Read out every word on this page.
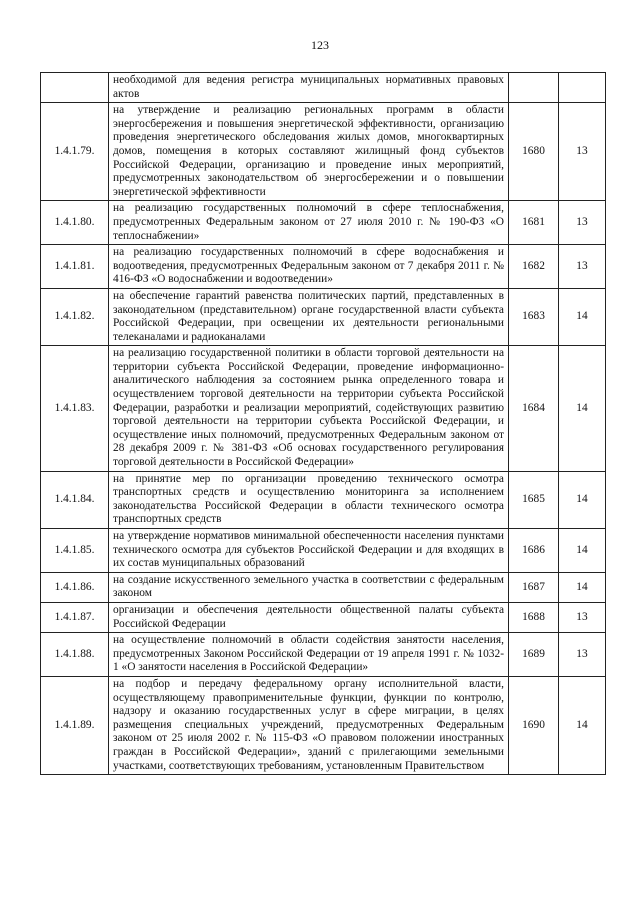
123
	необходимой для ведения регистра муниципальных нормативных правовых актов		
1.4.1.79.	на утверждение и реализацию региональных программ в области энергосбережения и повышения энергетической эффективности, организацию проведения энергетического обследования жилых домов, многоквартирных домов, помещения в которых составляют жилищный фонд субъектов Российской Федерации, организацию и проведение иных мероприятий, предусмотренных законодательством об энергосбережении и о повышении энергетической эффективности	1680	13
1.4.1.80.	на реализацию государственных полномочий в сфере теплоснабжения, предусмотренных Федеральным законом от 27 июля 2010 г. № 190-ФЗ «О теплоснабжении»	1681	13
1.4.1.81.	на реализацию государственных полномочий в сфере водоснабжения и водоотведения, предусмотренных Федеральным законом от 7 декабря 2011 г. № 416-ФЗ «О водоснабжении и водоотведении»	1682	13
1.4.1.82.	на обеспечение гарантий равенства политических партий, представленных в законодательном (представительном) органе государственной власти субъекта Российской Федерации, при освещении их деятельности региональными телеканалами и радиоканалами	1683	14
1.4.1.83.	на реализацию государственной политики в области торговой деятельности на территории субъекта Российской Федерации, проведение информационно-аналитического наблюдения за состоянием рынка определенного товара и осуществлением торговой деятельности на территории субъекта Российской Федерации, разработки и реализации мероприятий, содействующих развитию торговой деятельности на территории субъекта Российской Федерации, и осуществление иных полномочий, предусмотренных Федеральным законом от 28 декабря 2009 г. № 381-ФЗ «Об основах государственного регулирования торговой деятельности в Российской Федерации»	1684	14
1.4.1.84.	на принятие мер по организации проведению технического осмотра транспортных средств и осуществлению мониторинга за исполнением законодательства Российской Федерации в области технического осмотра транспортных средств	1685	14
1.4.1.85.	на утверждение нормативов минимальной обеспеченности населения пунктами технического осмотра для субъектов Российской Федерации и для входящих в их состав муниципальных образований	1686	14
1.4.1.86.	на создание искусственного земельного участка в соответствии с федеральным законом	1687	14
1.4.1.87.	организации и обеспечения деятельности общественной палаты субъекта Российской Федерации	1688	13
1.4.1.88.	на осуществление полномочий в области содействия занятости населения, предусмотренных Законом Российской Федерации от 19 апреля 1991 г. № 1032-1 «О занятости населения в Российской Федерации»	1689	13
1.4.1.89.	на подбор и передачу федеральному органу исполнительной власти, осуществляющему правоприменительные функции, функции по контролю, надзору и оказанию государственных услуг в сфере миграции, в целях размещения специальных учреждений, предусмотренных Федеральным законом от 25 июля 2002 г. № 115-ФЗ «О правовом положении иностранных граждан в Российской Федерации», зданий с прилегающими земельными участками, соответствующих требованиям, установленным Правительством	1690	14
